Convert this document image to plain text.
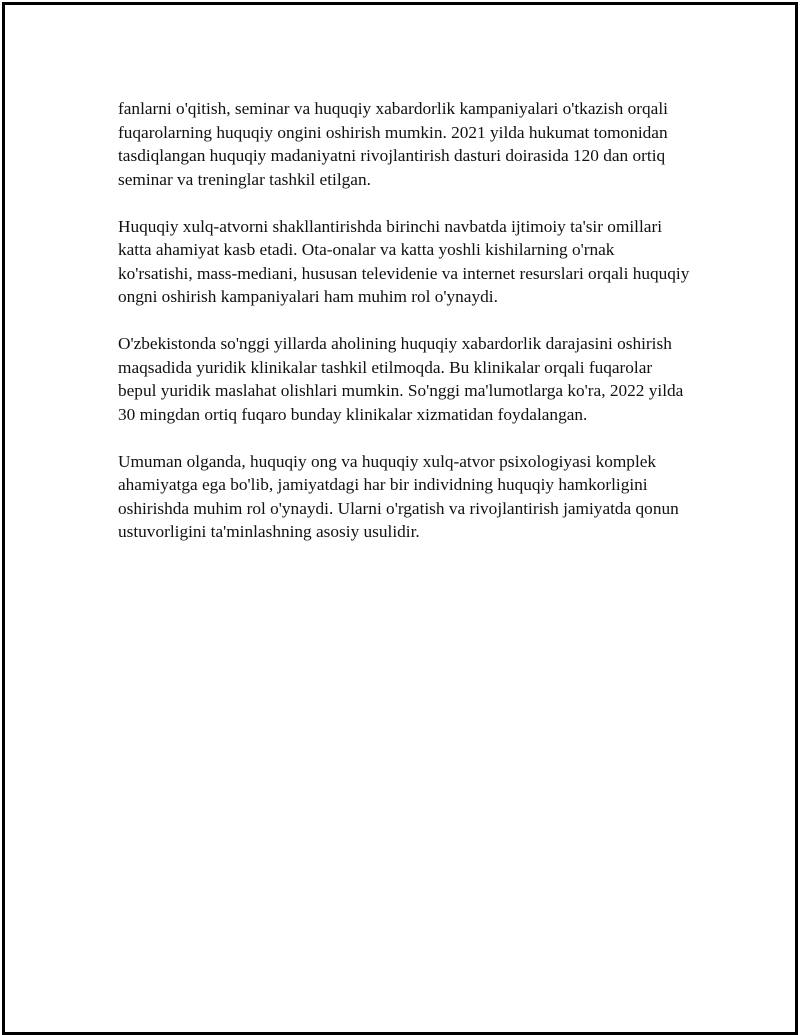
fanlarni o'qitish, seminar va huquqiy xabardorlik kampaniyalari o'tkazish orqali fuqarolarning huquqiy ongini oshirish mumkin. 2021 yilda hukumat tomonidan tasdiqlangan huquqiy madaniyatni rivojlantirish dasturi doirasida 120 dan ortiq seminar va treninglar tashkil etilgan.

Huquqiy xulq-atvorni shakllantirishda birinchi navbatda ijtimoiy ta'sir omillari katta ahamiyat kasb etadi. Ota-onalar va katta yoshli kishilarning o'rnak ko'rsatishi, mass-mediani, hususan televidenie va internet resurslari orqali huquqiy ongni oshirish kampaniyalari ham muhim rol o'ynaydi.

O'zbekistonda so'nggi yillarda aholining huquqiy xabardorlik darajasini oshirish maqsadida yuridik klinikalar tashkil etilmoqda. Bu klinikalar orqali fuqarolar bepul yuridik maslahat olishlari mumkin. So'nggi ma'lumotlarga ko'ra, 2022 yilda 30 mingdan ortiq fuqaro bunday klinikalar xizmatidan foydalangan.

Umuman olganda, huquqiy ong va huquqiy xulq-atvor psixologiyasi komplek ahamiyatga ega bo'lib, jamiyatdagi har bir individning huquqiy hamkorligini oshirishda muhim rol o'ynaydi. Ularni o'rgatish va rivojlantirish jamiyatda qonun ustuvorligini ta'minlashning asosiy usulidir.
